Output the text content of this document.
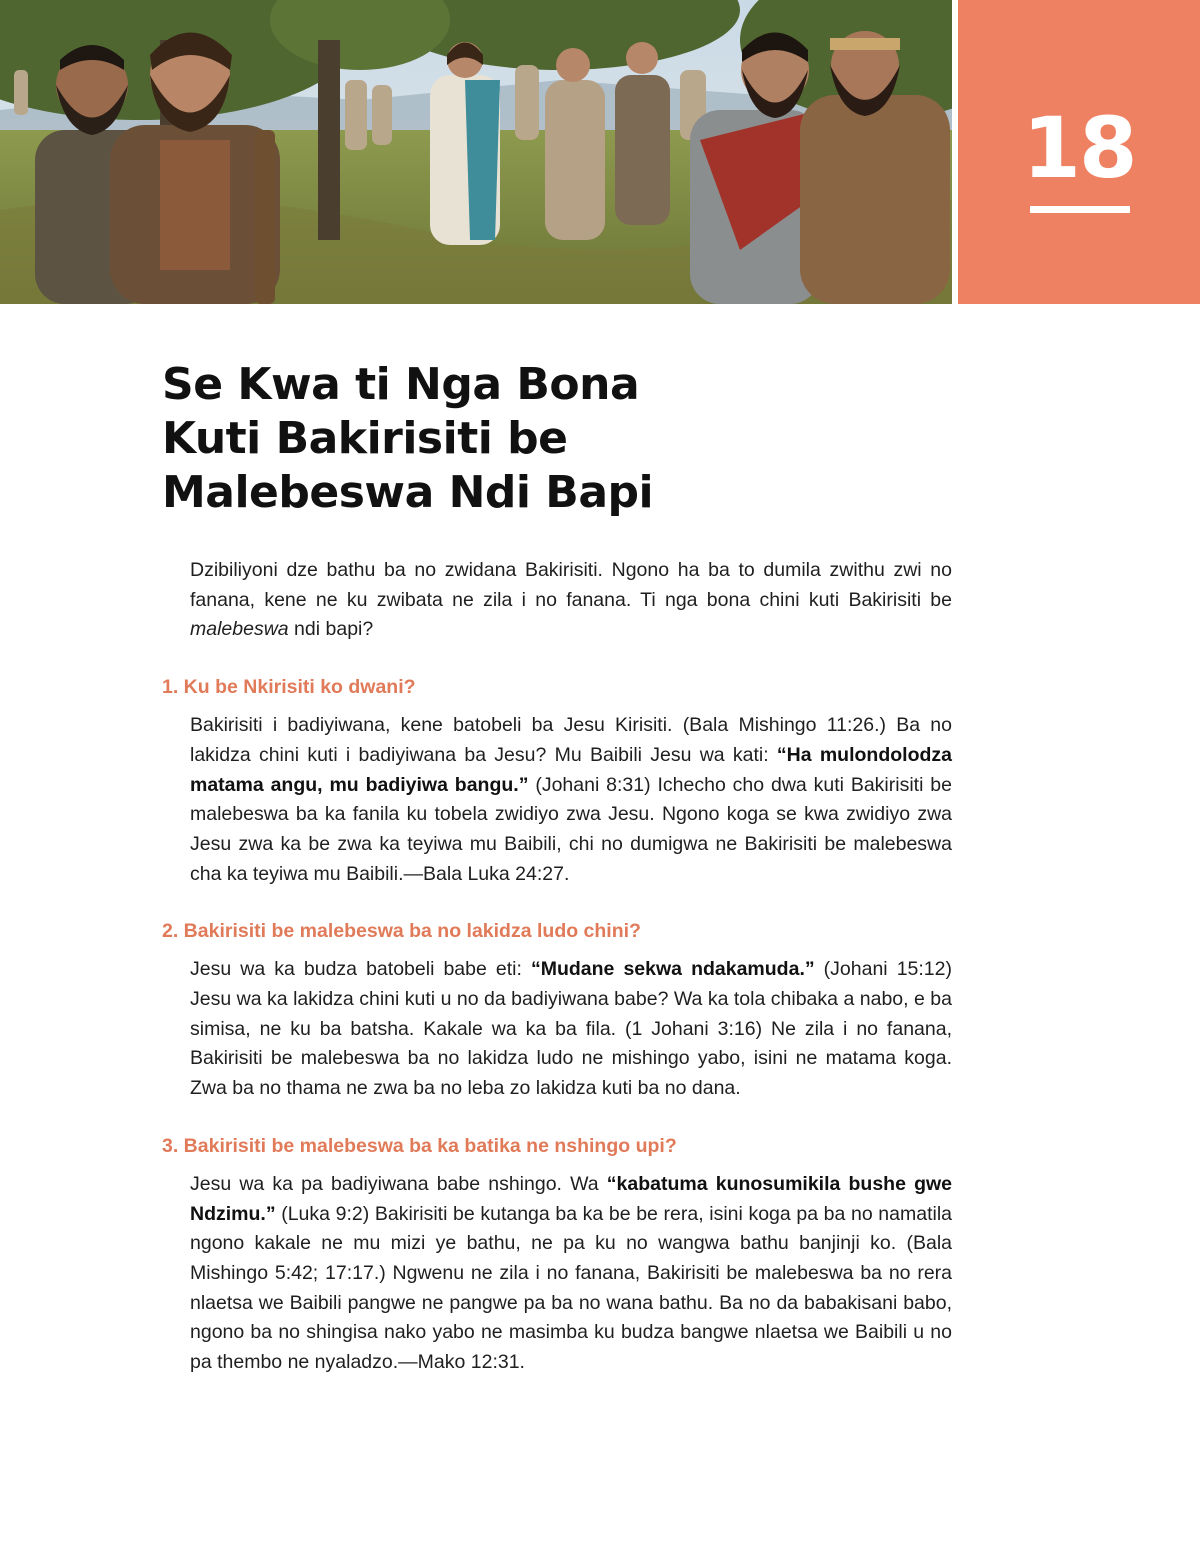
18
Se Kwa ti Nga Bona
Kuti Bakirisiti be
Malebeswa Ndi Bapi

Dzibiliyoni dze bathu ba no zwidana Bakirisiti. Ngono ha ba to dumila zwithu zwi no fanana, kene ne ku zwibata ne zila i no fanana. Ti nga bona chini kuti Bakirisiti be malebeswa ndi bapi?

1. Ku be Nkirisiti ko dwani?

Bakirisiti i badiyiwana, kene batobeli ba Jesu Kirisiti. (Bala Mishingo 11:26.) Ba no lakidza chini kuti i badiyiwana ba Jesu? Mu Baibili Jesu wa kati: “Ha mulondolodza matama angu, mu badiyiwa bangu.” (Johani 8:31) Ichecho cho dwa kuti Bakirisiti be malebeswa ba ka fanila ku tobela zwidiyo zwa Jesu. Ngono koga se kwa zwidiyo zwa Jesu zwa ka be zwa ka teyiwa mu Baibili, chi no dumigwa ne Bakirisiti be malebeswa cha ka teyiwa mu Baibili.—Bala Luka 24:27.

2. Bakirisiti be malebeswa ba no lakidza ludo chini?

Jesu wa ka budza batobeli babe eti: “Mudane sekwa ndakamuda.” (Johani 15:12) Jesu wa ka lakidza chini kuti u no da badiyiwana babe? Wa ka tola chibaka a nabo, e ba simisa, ne ku ba batsha. Kakale wa ka ba fila. (1 Johani 3:16) Ne zila i no fanana, Bakirisiti be malebeswa ba no lakidza ludo ne mishingo yabo, isini ne matama koga. Zwa ba no thama ne zwa ba no leba zo lakidza kuti ba no dana.

3. Bakirisiti be malebeswa ba ka batika ne nshingo upi?

Jesu wa ka pa badiyiwana babe nshingo. Wa “kabatuma kunosumikila bushe gwe Ndzimu.” (Luka 9:2) Bakirisiti be kutanga ba ka be be rera, isini koga pa ba no namatila ngono kakale ne mu mizi ye bathu, ne pa ku no wangwa bathu banjinji ko. (Bala Mishingo 5:42; 17:17.) Ngwenu ne zila i no fanana, Bakirisiti be malebeswa ba no rera nlaetsa we Baibili pangwe ne pangwe pa ba no wana bathu. Ba no da babakisani babo, ngono ba no shingisa nako yabo ne masimba ku budza bangwe nlaetsa we Baibili u no pa thembo ne nyaladzo.—Mako 12:31.
